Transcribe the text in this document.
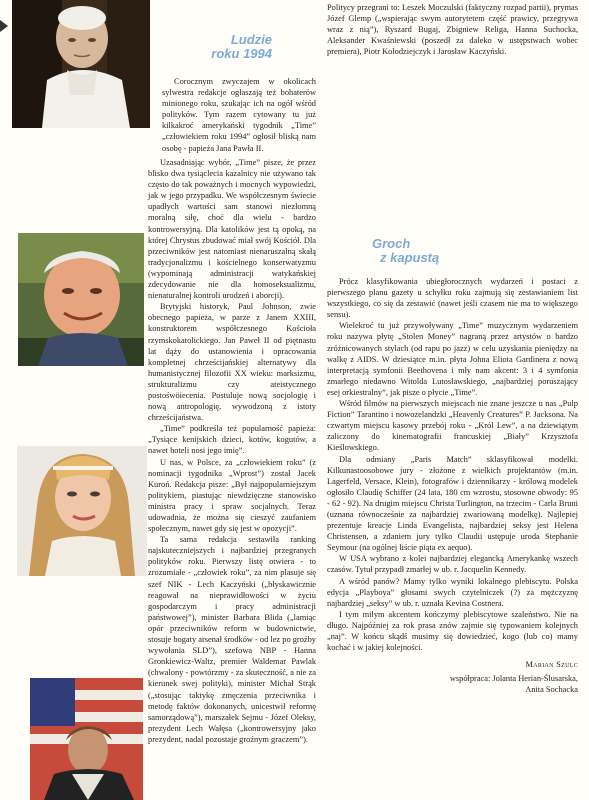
Ludzie
roku 1994

Corocznym zwyczajem w okolicach sylwestra redakcje ogłaszają też bohaterów minionego roku, szukając ich na ogół wśród polityków. Tym razem cytowany tu już kilkakroć amerykański tygodnik „Time” „człowiekiem roku 1994” ogłosił bliską nam osobę - papieża Jana Pawła II.

Uzasadniając wybór, „Time” pisze, że przez blisko dwa tysiąclecia kazalnicy nie używano tak często do tak poważnych i mocnych wypowiedzi, jak w jego przypadku. We współczesnym świecie upadłych wartości sam stanowi niezłomną moralną siłę, choć dla wielu - bardzo kontrowersyjną. Dla katolików jest tą opoką, na której Chrystus zbudować miał swój Kościół. Dla przeciwników jest natomiast nienaruszalną skałą tradycjonalizmu i kościelnego konserwatyzmu (wypominają administracji watykańskiej zdecydowanie nie dla homoseksualizmu, nienaturalnej kontroli urodzeń i aborcji).

Brytyjski historyk, Paul Johnson, zwie obecnego papieża, w parze z Janem XXIII, konstruktorem współczesnego Kościoła rzymskokatolickiego. Jan Paweł II od piętnastu lat dąży do ustanowienia i opracowania kompletnej chrześcijańskiej alternatywy dla humanistycznej filozofii XX wieku: marksizmu, strukturalizmu czy ateistycznego postośwöiecenia. Postuluje nową socjologię i nową antropologię, wywodzoną z istoty chrześcijaństwa.

„Time” podkreśla też popularność papieża: „Tysiące kenijskich dzieci, kotów, kogutów, a nawet hoteli nosi jego imię”.

U nas, w Polsce, za „człowiekiem roku” (z nominacji tygodnika „Wprost”) został Jacek Kuroń. Redakcja pisze: „Był najpopularniejszym politykiem, piastując niewdzięczne stanowisko ministra pracy i spraw socjalnych. Teraz udowadnia, że można się cieszyć zaufaniem społecznym, nawet gdy się jest w opozycji”.

Ta sama redakcja sestawiła ranking najskuteczniejszych i najbardziej przegranych polityków roku. Pierwszy listę otwiera - to zrozumiałe - „człowiek roku”, za nim plasuje się szef NIK - Lech Kaczyński („błyskawicznie reagował na nieprawidłowości w życiu gospodarczym i pracy administracji państwowej”), minister Barbara Blida („lamiąc opór przeciwników reform w budownictwie, stosuje bogaty arsenał środków - od lez po groźby wywołania SLD”), szefowa NBP - Hanna Gronkiewicz-Waltz, premier Waldemar Pawlak (chwalony - powtórzmy - za skuteczność, a nie za kierunek swej polityki), minister Michał Strąk („stosując taktykę zmęczenia przeciwnika i metodę faktów dokonanych, unicestwił reformę samorządową”), marszałek Sejmu - Józef Oleksy, prezydent Lech Wałęsa („kontrowersyjny jako prezydent, nadal pozostaje groźnym graczem”).

Politycy przegrani to: Leszek Moczulski (faktyczny rozpad partii), prymas Józef Glemp („wspierając swym autorytetem część prawicy, przegrywa wraz z nią”), Ryszard Bugaj, Zbigniew Religa, Hanna Suchocka, Aleksander Kwaśniewski (poszedł za daleko w ustępstwach wobec premiera), Piotr Kołodziejczyk i Jarosław Kaczyński.

Groch
z kapustą

Prócz klasyfikowania ubiegłorocznych wydarzeń i postaci z pierwszego planu gazety u schyłku roku zajmują się zestawianiem list wszystkiego, co się da zestawić (nawet jeśli czasem nie ma to większego sensu).

Wielekroć tu już przywoływany „Time” muzycznym wydarzeniem roku nazywa płytę „Stolen Money” nagraną przez artystów o bardzo zróżnicowanych stylach (od rapu po jazz) w celu uzyskania pieniędzy na walkę z AIDS. W dziesiątce m.in. płyta Johna Eliota Gardinera z nową interpretacją symfonii Beethovena i mły nam akcent: 3 i 4 symfonia zmarłego niedawno Witolda Lutosławskiego, „najbardziej poruszający esej orkiestralny”, jak pisze o płycie „Time”.

Wśród filmów na pierwszych miejscach nie znane jeszcze u nas „Pulp Fiction” Tarantino i nowozelandzki „Heavenly Creatures” P. Jacksona. Na czwartym miejscu kasowy przebój roku - „Król Lew”, a na dziewiątym zaliczony do kinematografii francuskiej „Biały” Krzysztofa Kieślowskiego.

Dla odmiany „Paris Match” sklasyfikował modelki. Kilkunastoosobowe jury - złożone z wielkich projektantów (m.in. Lagerfeld, Versace, Klein), fotografów i dziennikarzy - królową modelek ogłosiło Claudię Schiffer (24 lata, 180 cm wzrostu, stosowne obwody: 95 - 62 - 92). Na drugim miejscu Christa Turlington, na trzecim - Carla Bruni (uznana równocześnie za najbardziej zwariowaną modelkę). Najlepiej prezentuje kreacje Linda Evangelista, najbardziej seksy jest Helena Christensen, a zdaniem jury tylko Claudii ustępuje uroda Stephanie Seymour (na ogólnej liście piąta ex aequo).

W USA wybrano z kolei najbardziej elegancką Amerykankę wszech czasów. Tytuł przypadł zmarłej w ub. r. Jacquelin Kennedy.

A wśród panów? Mamy tylko wyniki lokalnego plebiscytu. Polska edycja „Playboya” głosami swych czytelniczek (?) za mężczyznę najbardziej „seksy” w ub. r. uznała Kevina Costnera.

I tym milym akcentem kończymy plebiscytowe szaleństwo. Nie na długo. Najpóźniej za rok prasa znów zajmie się typowaniem kolejnych „naj”. W końcu skądś musimy się dowiedzieć, kogo (lub co) mamy kochać i w jakiej kolejności.

Marian Szulc

współpraca: Jolanta Herian-Ślusarska,

Anita Sochacka
